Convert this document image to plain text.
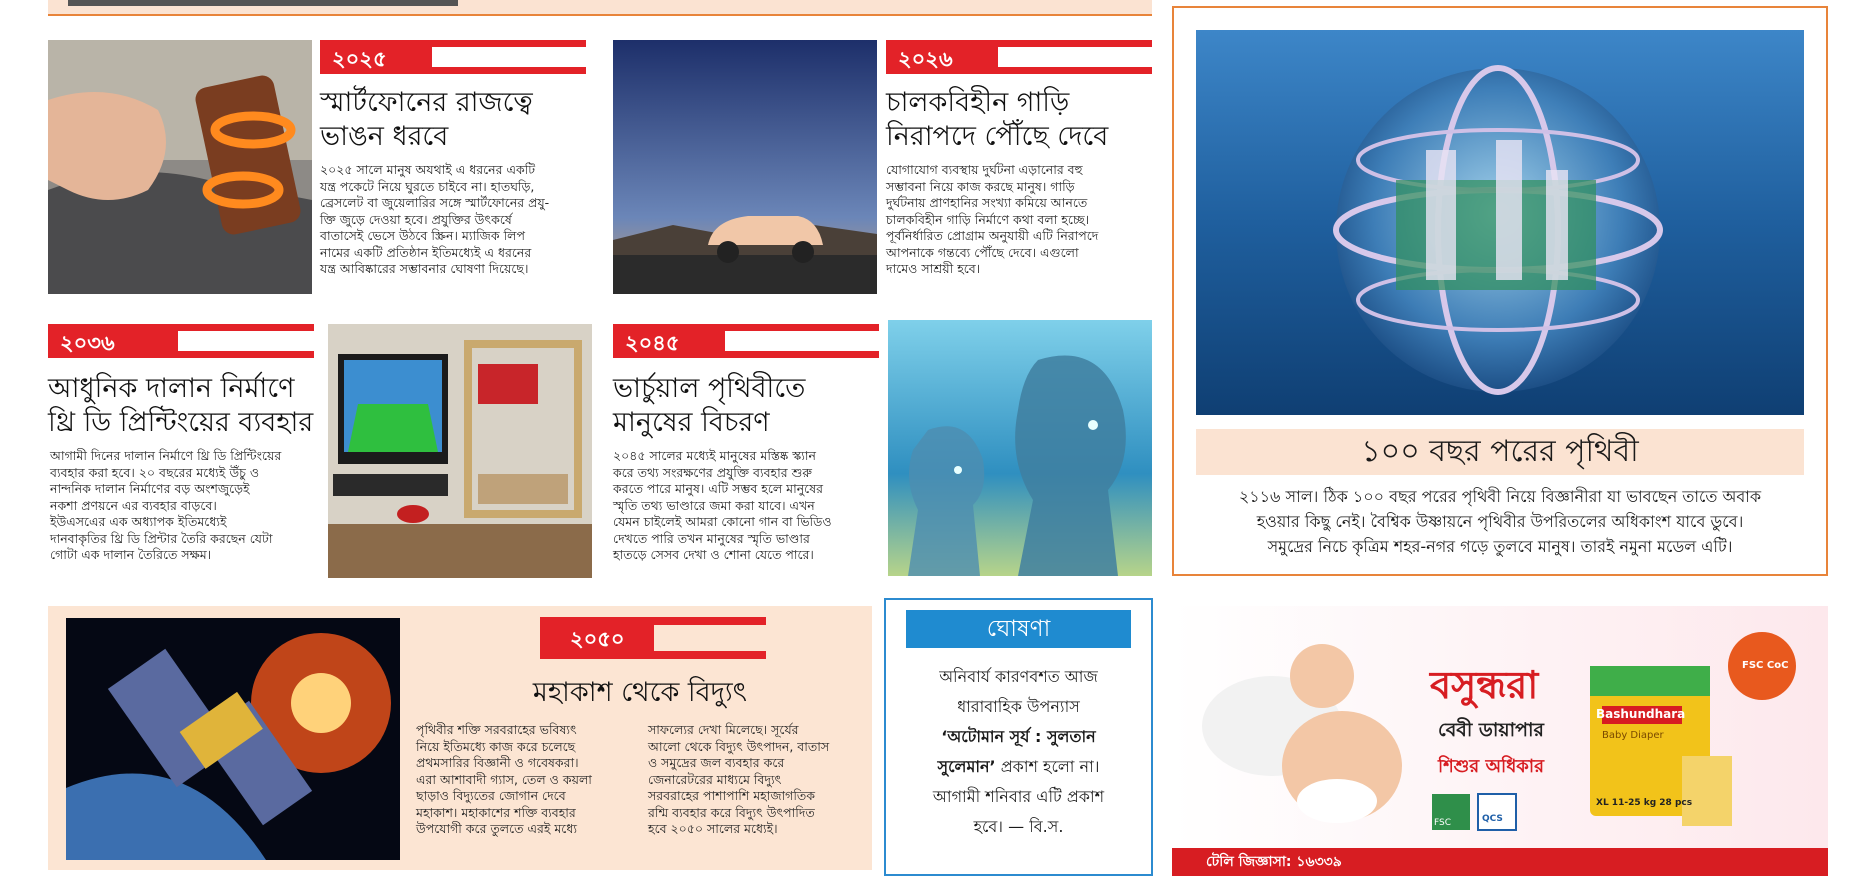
২০২৫
স্মার্টফোনের রাজত্বে
ভাঙন ধরবে
২০২৫ সালে মানুষ অযথাই এ ধরনের একটি
যন্ত্র পকেটে নিয়ে ঘুরতে চাইবে না। হাতঘড়ি,
ব্রেসলেট বা জুয়েলারির সঙ্গে স্মার্টফোনের প্রযু-
ক্তি জুড়ে দেওয়া হবে। প্রযুক্তির উৎকর্ষে
বাতাসেই ভেসে উঠবে স্ক্রিন। ম্যাজিক লিপ
নামের একটি প্রতিষ্ঠান ইতিমধ্যেই এ ধরনের
যন্ত্র আবিষ্কারের সম্ভাবনার ঘোষণা দিয়েছে।
২০২৬
চালকবিহীন গাড়ি
নিরাপদে পৌঁছে দেবে
যোগাযোগ ব্যবস্থায় দুর্ঘটনা এড়ানোর বহু
সম্ভাবনা নিয়ে কাজ করছে মানুষ। গাড়ি
দুর্ঘটনায় প্রাণহানির সংখ্যা কমিয়ে আনতে
চালকবিহীন গাড়ি নির্মাণে কথা বলা হচ্ছে।
পূর্বনির্ধারিত প্রোগ্রাম অনুযায়ী এটি নিরাপদে
আপনাকে গন্তব্যে পৌঁছে দেবে। এগুলো
দামেও সাশ্রয়ী হবে।
২০৩৬
আধুনিক দালান নির্মাণে
থ্রি ডি প্রিন্টিংয়ের ব্যবহার
আগামী দিনের দালান নির্মাণে থ্রি ডি প্রিন্টিংয়ের
ব্যবহার করা হবে। ২০ বছরের মধ্যেই উঁচু ও
নান্দনিক দালান নির্মাণের বড় অংশজুড়েই
নকশা প্রণয়নে এর ব্যবহার বাড়বে।
ইউএসএের এক অধ্যাপক ইতিমধ্যেই
দানবাকৃতির থ্রি ডি প্রিন্টার তৈরি করছেন যেটা
গোটা এক দালান তৈরিতে সক্ষম।
২০৪৫
ভার্চুয়াল পৃথিবীতে
মানুষের বিচরণ
২০৪৫ সালের মধ্যেই মানুষের মস্তিষ্ক স্ক্যান
করে তথ্য সংরক্ষণের প্রযুক্তি ব্যবহার শুরু
করতে পারে মানুষ। এটি সম্ভব হলে মানুষের
স্মৃতি তথ্য ভাণ্ডারে জমা করা যাবে। এখন
যেমন চাইলেই আমরা কোনো গান বা ভিডিও
দেখতে পারি তখন মানুষের স্মৃতি ভাণ্ডার
হাতড়ে সেসব দেখা ও শোনা যেতে পারে।
১০০ বছর পরের পৃথিবী
২১১৬ সাল। ঠিক ১০০ বছর পরের পৃথিবী নিয়ে বিজ্ঞানীরা যা ভাবছেন তাতে অবাক
হওয়ার কিছু নেই। বৈশ্বিক উষ্ণায়নে পৃথিবীর উপরিতলের অধিকাংশ যাবে ডুবে।
সমুদ্রের নিচে কৃত্রিম শহর-নগর গড়ে তুলবে মানুষ। তারই নমুনা মডেল এটি।
২০৫০
মহাকাশ থেকে বিদ্যুৎ
পৃথিবীর শক্তি সরবরাহের ভবিষ্যৎ
নিয়ে ইতিমধ্যে কাজ করে চলেছে
প্রথমসারির বিজ্ঞানী ও গবেষকরা।
এরা আশাবাদী গ্যাস, তেল ও কয়লা
ছাড়াও বিদ্যুতের জোগান দেবে
মহাকাশ। মহাকাশের শক্তি ব্যবহার
উপযোগী করে তুলতে এরই মধ্যে
সাফল্যের দেখা মিলেছে। সূর্যের
আলো থেকে বিদ্যুৎ উৎপাদন, বাতাস
ও সমুদ্রের জল ব্যবহার করে
জেনারেটরের মাধ্যমে বিদ্যুৎ
সরবরাহের পাশাপাশি মহাজাগতিক
রশ্মি ব্যবহার করে বিদ্যুৎ উৎপাদিত
হবে ২০৫০ সালের মধ্যেই।
ঘোষণা
অনিবার্য কারণবশত আজ
ধারাবাহিক উপন্যাস
‘অটোমান সূর্য : সুলতান
সুলেমান’ প্রকাশ হলো না।
আগামী শনিবার এটি প্রকাশ
হবে। — বি.স.
বসুন্ধরা
বেবী ডায়াপার
শিশুর অধিকার
FSC	QCS
Bashundhara
Baby Diaper
XL 11-25 kg 28 pcs
FSC CoC
টেলি জিজ্ঞাসা: ১৬৩৩৯
